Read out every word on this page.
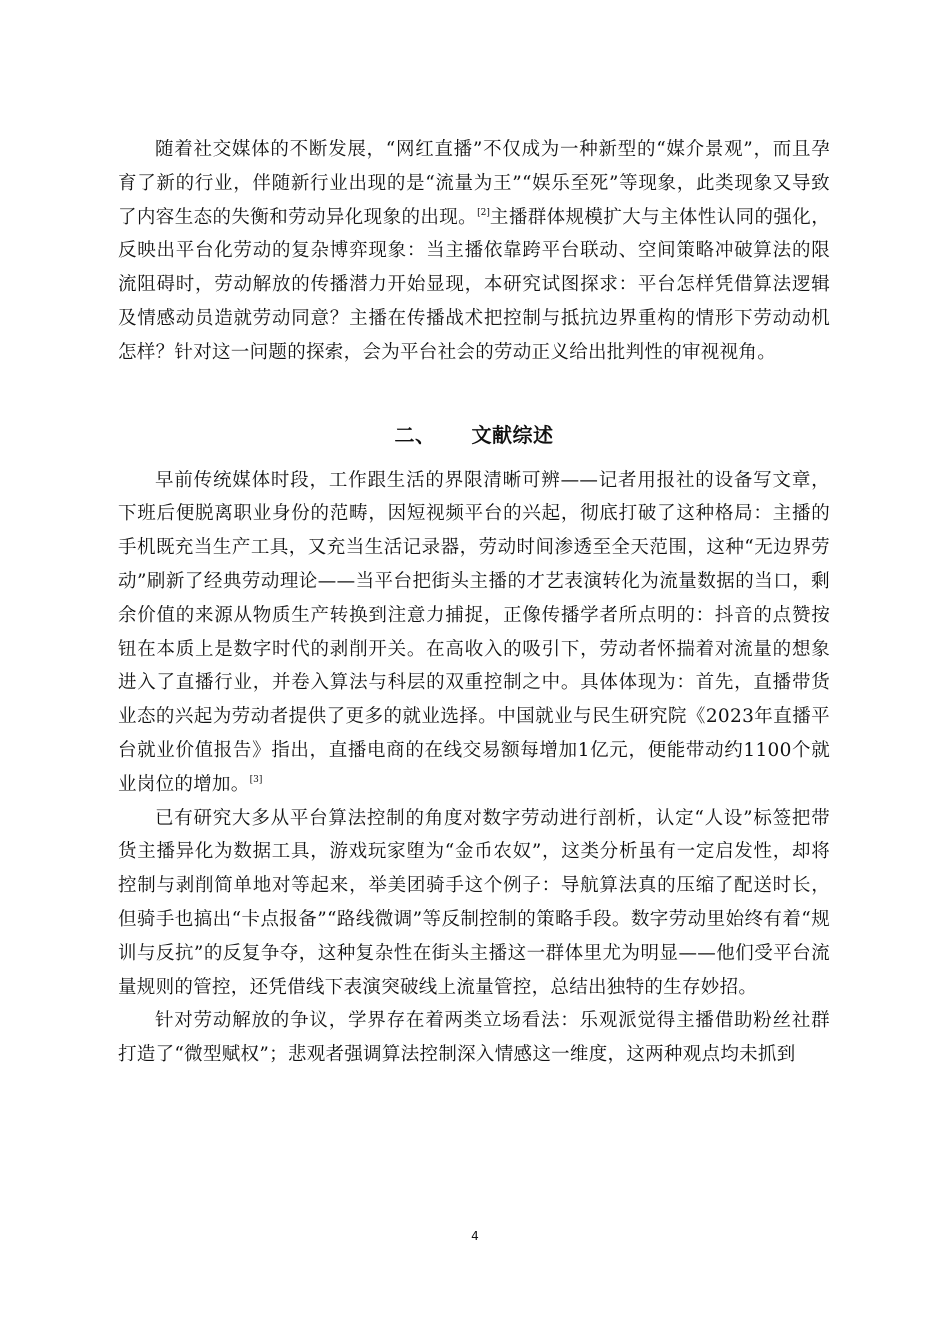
随着社交媒体的不断发展，“网红直播”不仅成为一种新型的“媒介景观”，而且孕育了新的行业，伴随新行业出现的是“流量为王”“娱乐至死”等现象，此类现象又导致了内容生态的失衡和劳动异化现象的出现。[2]主播群体规模扩大与主体性认同的强化，反映出平台化劳动的复杂博弈现象：当主播依靠跨平台联动、空间策略冲破算法的限流阻碍时，劳动解放的传播潜力开始显现，本研究试图探求：平台怎样凭借算法逻辑及情感动员造就劳动同意？主播在传播战术把控制与抵抗边界重构的情形下劳动动机怎样？针对这一问题的探索，会为平台社会的劳动正义给出批判性的审视视角。

二、 文献综述

早前传统媒体时段，工作跟生活的界限清晰可辨——记者用报社的设备写文章，下班后便脱离职业身份的范畴，因短视频平台的兴起，彻底打破了这种格局：主播的手机既充当生产工具，又充当生活记录器，劳动时间渗透至全天范围，这种“无边界劳动”刷新了经典劳动理论——当平台把街头主播的才艺表演转化为流量数据的当口，剩余价值的来源从物质生产转换到注意力捕捉，正像传播学者所点明的：抖音的点赞按钮在本质上是数字时代的剥削开关。在高收入的吸引下，劳动者怀揣着对流量的想象进入了直播行业，并卷入算法与科层的双重控制之中。具体体现为：首先，直播带货业态的兴起为劳动者提供了更多的就业选择。中国就业与民生研究院《2023年直播平台就业价值报告》指出，直播电商的在线交易额每增加1亿元，便能带动约1100个就业岗位的增加。[3]

已有研究大多从平台算法控制的角度对数字劳动进行剖析，认定“人设”标签把带货主播异化为数据工具，游戏玩家堕为“金币农奴”，这类分析虽有一定启发性，却将控制与剥削简单地对等起来，举美团骑手这个例子：导航算法真的压缩了配送时长，但骑手也搞出“卡点报备”“路线微调”等反制控制的策略手段。数字劳动里始终有着“规训与反抗”的反复争夺，这种复杂性在街头主播这一群体里尤为明显——他们受平台流量规则的管控，还凭借线下表演突破线上流量管控，总结出独特的生存妙招。

针对劳动解放的争议，学界存在着两类立场看法：乐观派觉得主播借助粉丝社群打造了“微型赋权”；悲观者强调算法控制深入情感这一维度，这两种观点均未抓到

4
